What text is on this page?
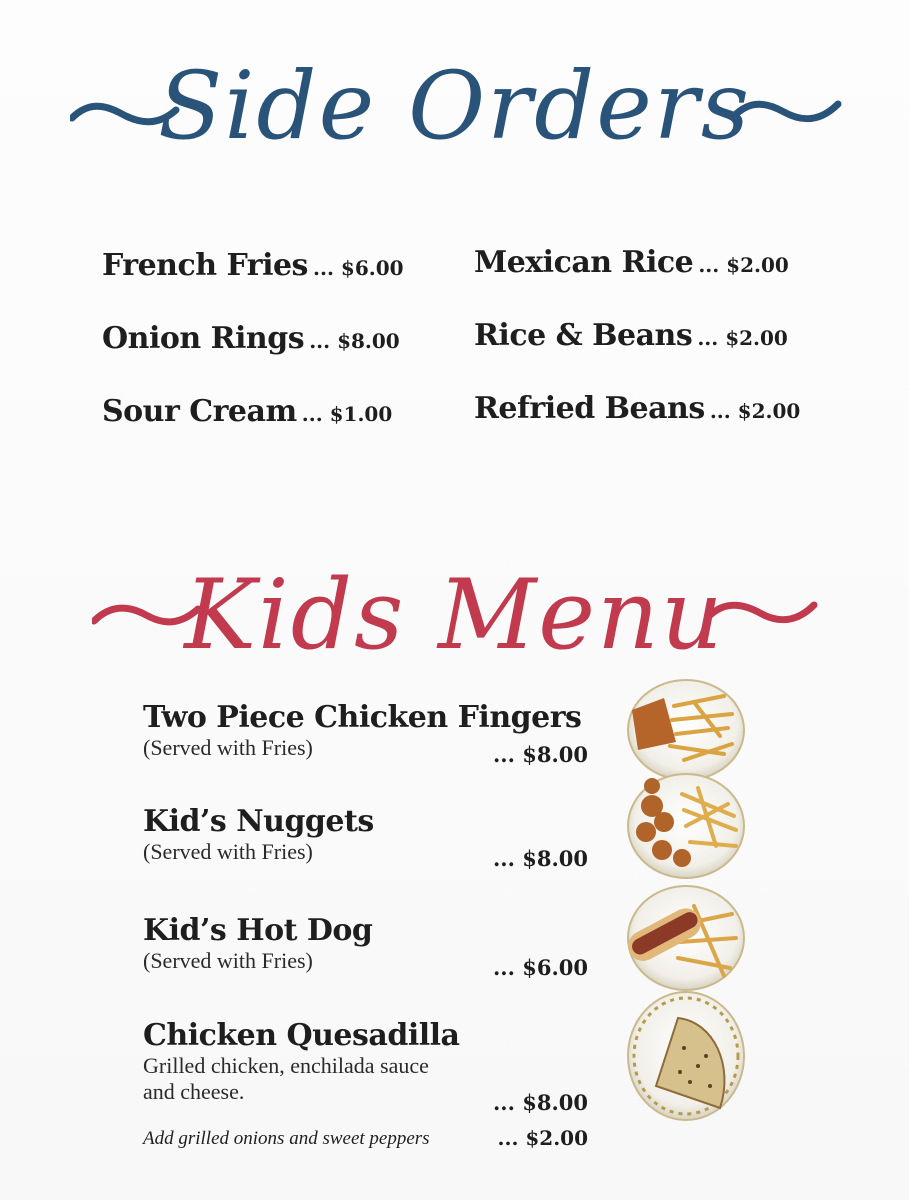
Side Orders
French Fries ... $6.00
Onion Rings ... $8.00
Sour Cream ... $1.00
Mexican Rice ... $2.00
Rice & Beans ... $2.00
Refried Beans ... $2.00
Kids Menu
Two Piece Chicken Fingers
(Served with Fries)	... $8.00
Kid’s Nuggets
(Served with Fries)	... $8.00
Kid’s Hot Dog
(Served with Fries)	... $6.00
Chicken Quesadilla
Grilled chicken, enchilada sauce
and cheese.	... $8.00
Add grilled onions and sweet peppers	... $2.00
